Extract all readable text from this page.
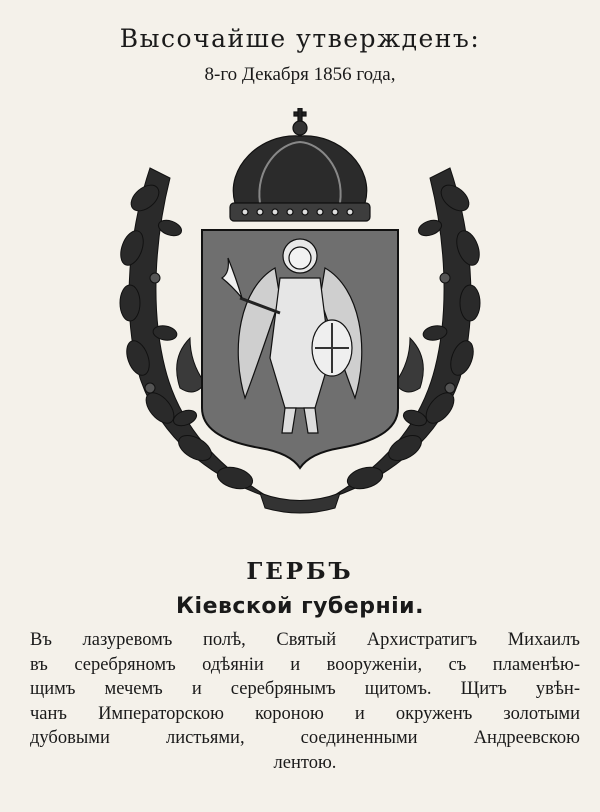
Высочайше утвержденъ:
8-го Декабря 1856 года,
ГЕРБЪ
Кіевской губерніи.
Въ лазуревомъ полѣ, Святый Архистратигъ Михаилъ
въ серебряномъ одѣяніи и вооруженіи, съ пламенѣю-
щимъ мечемъ и серебрянымъ щитомъ. Щитъ увѣн-
чанъ Императорскою короною и окруженъ золотыми
дубовыми листьями, соединенными Андреевскою
лентою.
